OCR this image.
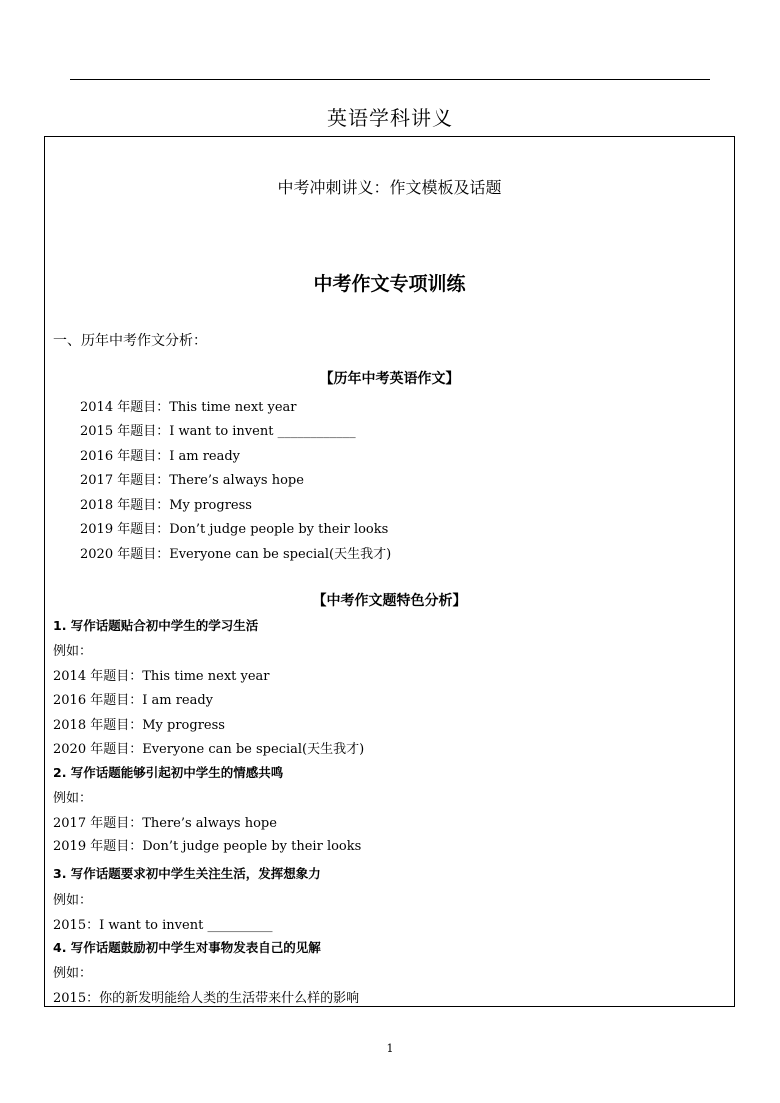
英语学科讲义
中考冲刺讲义：作文模板及话题
中考作文专项训练
一、历年中考作文分析：
【历年中考英语作文】
2014 年题目：This time next year
2015 年题目：I want to invent ____________
2016 年题目：I am ready
2017 年题目：There’s always hope
2018 年题目：My progress
2019 年题目：Don’t judge people by their looks
2020 年题目：Everyone can be special(天生我才)
【中考作文题特色分析】
1. 写作话题贴合初中学生的学习生活
例如：
2014 年题目：This time next year
2016 年题目：I am ready
2018 年题目：My progress
2020 年题目：Everyone can be special(天生我才)
2. 写作话题能够引起初中学生的情感共鸣
例如：
2017 年题目：There’s always hope
2019 年题目：Don’t judge people by their looks
3. 写作话题要求初中学生关注生活，发挥想象力
例如：
2015：I want to invent __________
4. 写作话题鼓励初中学生对事物发表自己的见解
例如：
2015：你的新发明能给人类的生活带来什么样的影响
1
